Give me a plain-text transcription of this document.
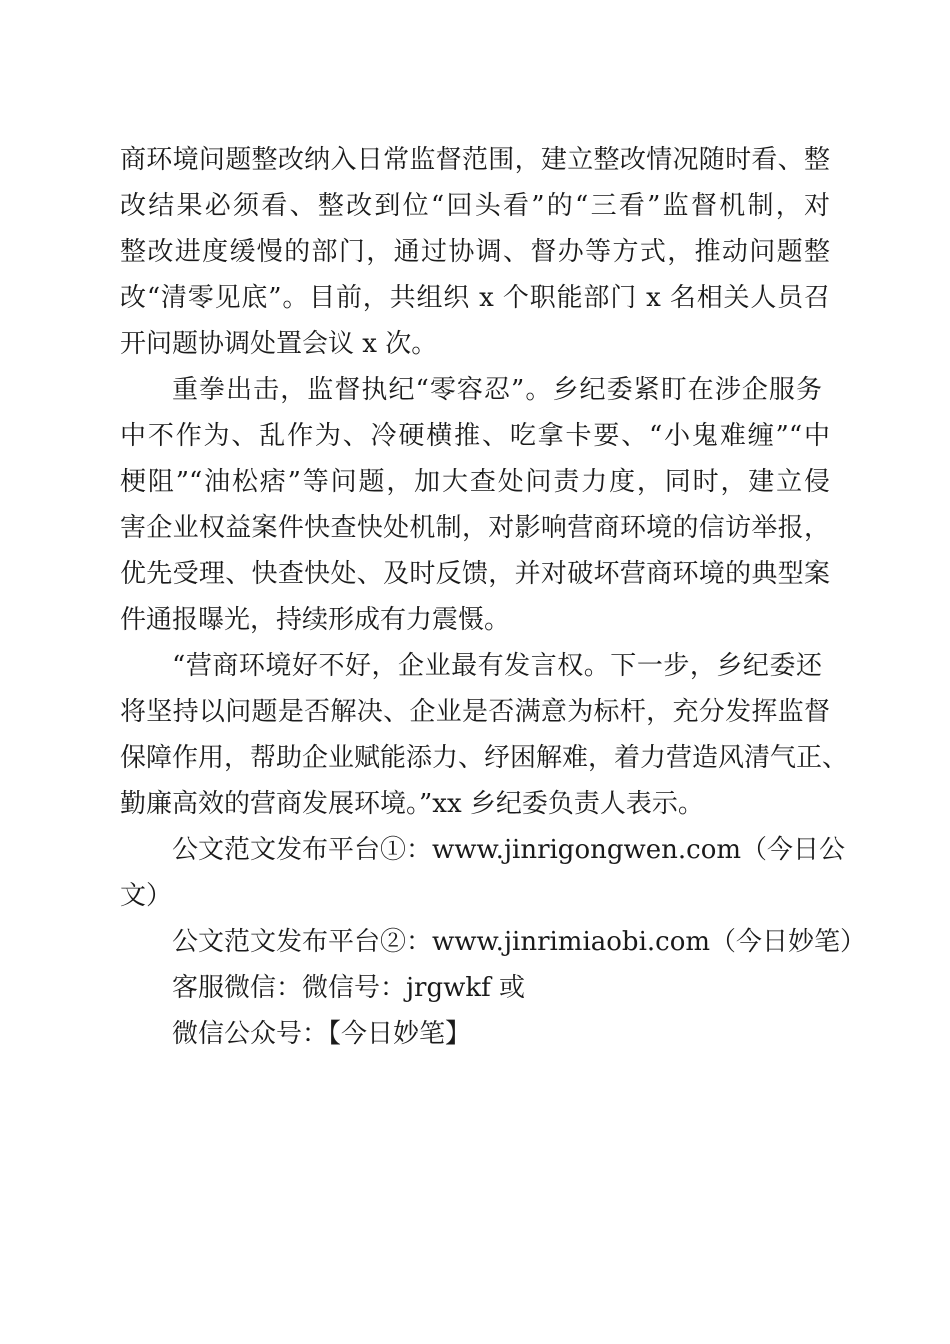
商环境问题整改纳入日常监督范围，建立整改情况随时看、整
改结果必须看、整改到位“回头看”的“三看”监督机制，对
整改进度缓慢的部门，通过协调、督办等方式，推动问题整
改“清零见底”。目前，共组织 x 个职能部门 x 名相关人员召
开问题协调处置会议 x 次。
重拳出击，监督执纪“零容忍”。乡纪委紧盯在涉企服务
中不作为、乱作为、冷硬横推、吃拿卡要、“小鬼难缠”“中
梗阻”“油松痞”等问题，加大查处问责力度，同时，建立侵
害企业权益案件快查快处机制，对影响营商环境的信访举报，
优先受理、快查快处、及时反馈，并对破坏营商环境的典型案
件通报曝光，持续形成有力震慑。
“营商环境好不好，企业最有发言权。下一步，乡纪委还
将坚持以问题是否解决、企业是否满意为标杆，充分发挥监督
保障作用，帮助企业赋能添力、纾困解难，着力营造风清气正、
勤廉高效的营商发展环境。”xx 乡纪委负责人表示。
公文范文发布平台①：www.jinrigongwen.com（今日公
文）
公文范文发布平台②：www.jinrimiaobi.com（今日妙笔）
客服微信：微信号：jrgwkf 或
微信公众号：【今日妙笔】
